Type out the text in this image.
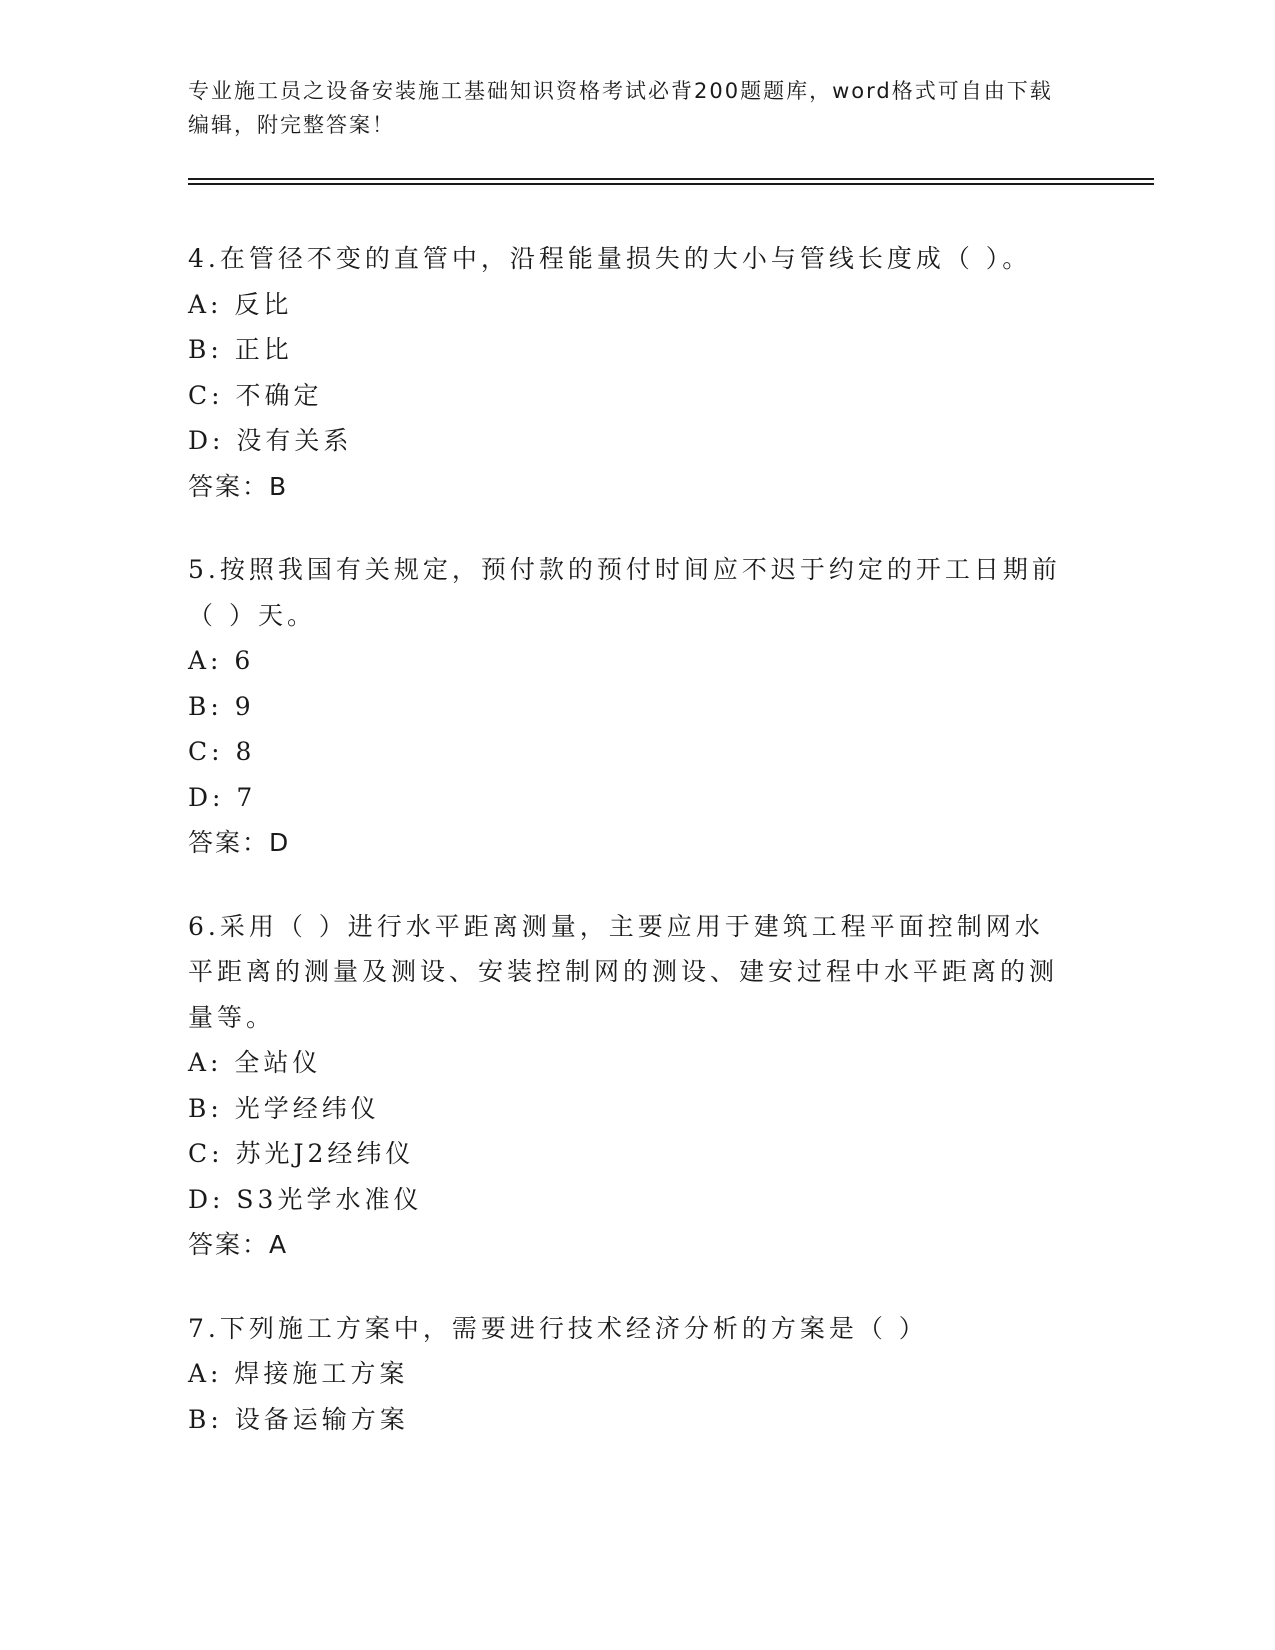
专业施工员之设备安装施工基础知识资格考试必背200题题库，word格式可自由下载编辑，附完整答案！
4.在管径不变的直管中，沿程能量损失的大小与管线长度成（ ）。
A: 反比
B: 正比
C: 不确定
D: 没有关系
答案：B
5.按照我国有关规定，预付款的预付时间应不迟于约定的开工日期前（ ）天。
A: 6
B: 9
C: 8
D: 7
答案：D
6.采用（ ）进行水平距离测量，主要应用于建筑工程平面控制网水平距离的测量及测设、安装控制网的测设、建安过程中水平距离的测量等。
A: 全站仪
B: 光学经纬仪
C: 苏光J2经纬仪
D: S3光学水准仪
答案：A
7.下列施工方案中，需要进行技术经济分析的方案是（ ）
A: 焊接施工方案
B: 设备运输方案
